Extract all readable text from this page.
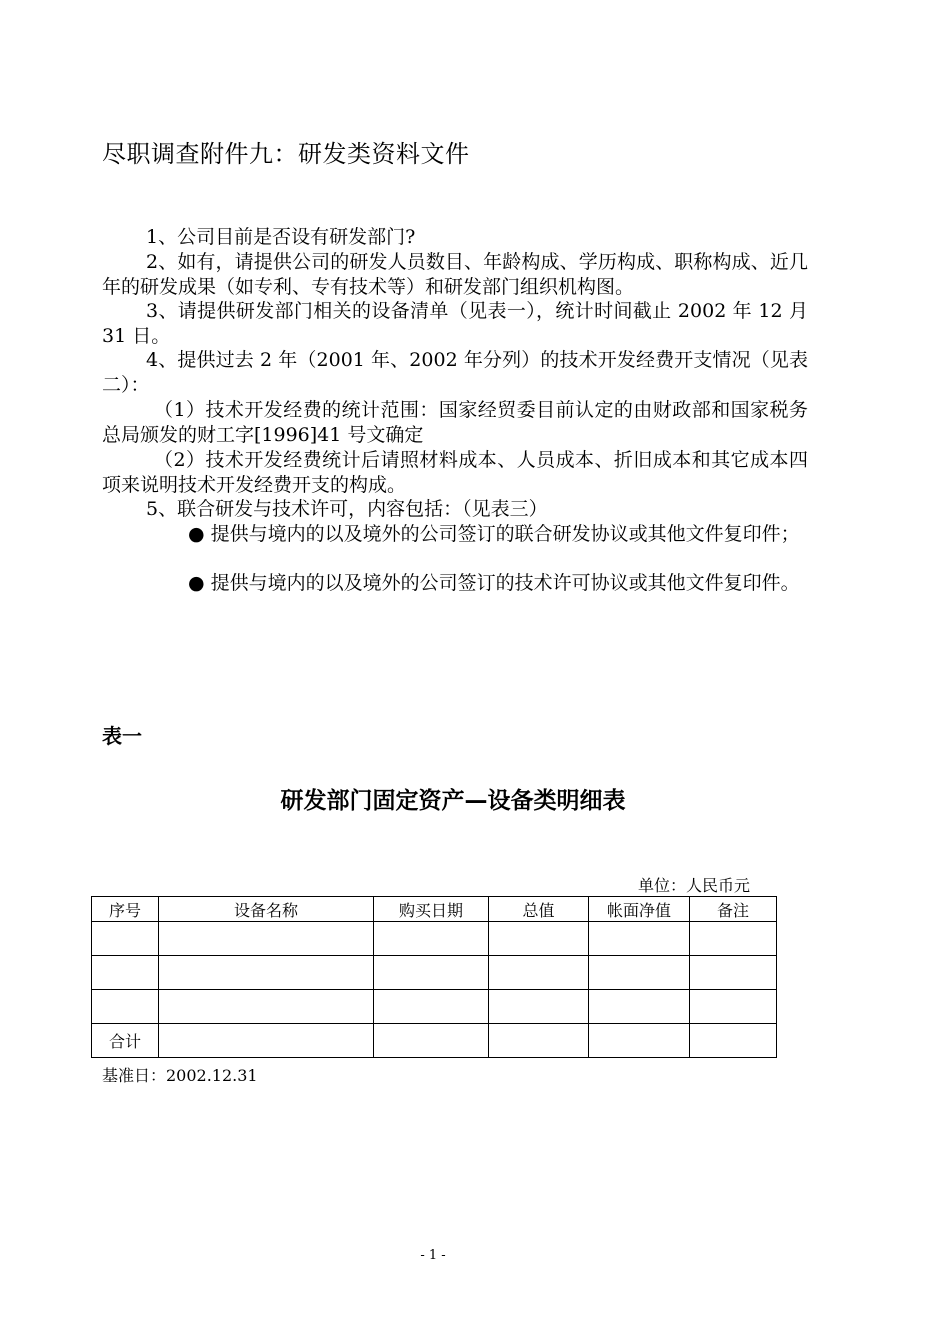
尽职调查附件九：研发类资料文件
1、公司目前是否设有研发部门?
2、如有，请提供公司的研发人员数目、年龄构成、学历构成、职称构成、近几年的研发成果（如专利、专有技术等）和研发部门组织机构图。
3、请提供研发部门相关的设备清单（见表一），统计时间截止 2002 年 12 月 31 日。
4、提供过去 2 年（2001 年、2002 年分列）的技术开发经费开支情况（见表二）：
（1）技术开发经费的统计范围：国家经贸委目前认定的由财政部和国家税务总局颁发的财工字[1996]41 号文确定
（2）技术开发经费统计后请照材料成本、人员成本、折旧成本和其它成本四项来说明技术开发经费开支的构成。
5、联合研发与技术许可，内容包括：（见表三）
● 提供与境内的以及境外的公司签订的联合研发协议或其他文件复印件；
● 提供与境内的以及境外的公司签订的技术许可协议或其他文件复印件。
表一
研发部门固定资产—设备类明细表
单位：人民币元
序号	设备名称	购买日期	总值	帐面净值	备注

合计					
基准日：2002.12.31
- 1 -
